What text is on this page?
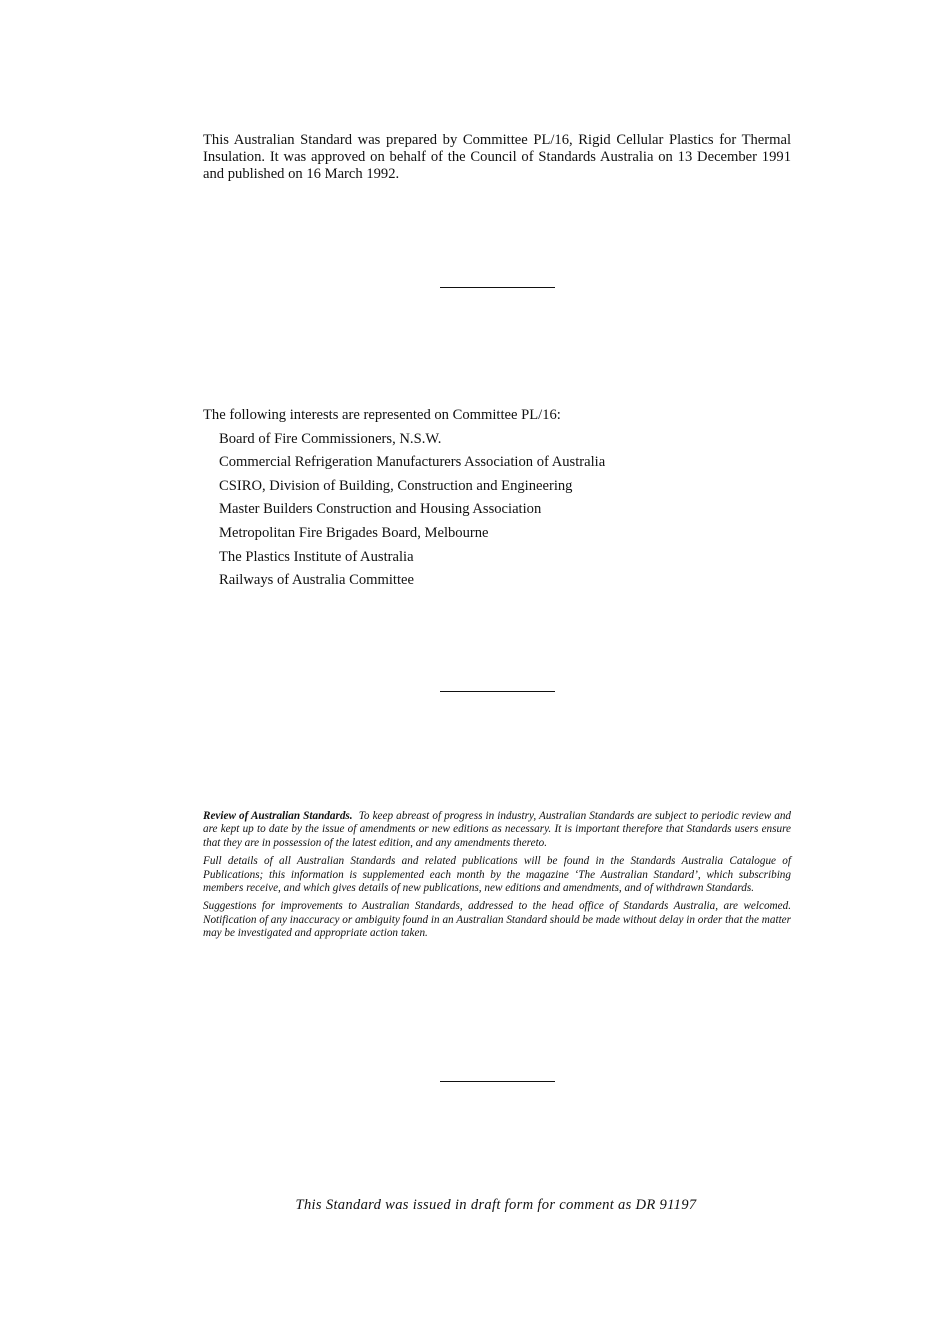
This Australian Standard was prepared by Committee PL/16, Rigid Cellular Plastics for Thermal Insulation. It was approved on behalf of the Council of Standards Australia on 13 December 1991 and published on 16 March 1992.

The following interests are represented on Committee PL/16:

Board of Fire Commissioners, N.S.W.
Commercial Refrigeration Manufacturers Association of Australia
CSIRO, Division of Building, Construction and Engineering
Master Builders Construction and Housing Association
Metropolitan Fire Brigades Board, Melbourne
The Plastics Institute of Australia
Railways of Australia Committee

Review of Australian Standards. To keep abreast of progress in industry, Australian Standards are subject to periodic review and are kept up to date by the issue of amendments or new editions as necessary. It is important therefore that Standards users ensure that they are in possession of the latest edition, and any amendments thereto.

Full details of all Australian Standards and related publications will be found in the Standards Australia Catalogue of Publications; this information is supplemented each month by the magazine ‘The Australian Standard’, which subscribing members receive, and which gives details of new publications, new editions and amendments, and of withdrawn Standards.

Suggestions for improvements to Australian Standards, addressed to the head office of Standards Australia, are welcomed. Notification of any inaccuracy or ambiguity found in an Australian Standard should be made without delay in order that the matter may be investigated and appropriate action taken.

This Standard was issued in draft form for comment as DR 91197
